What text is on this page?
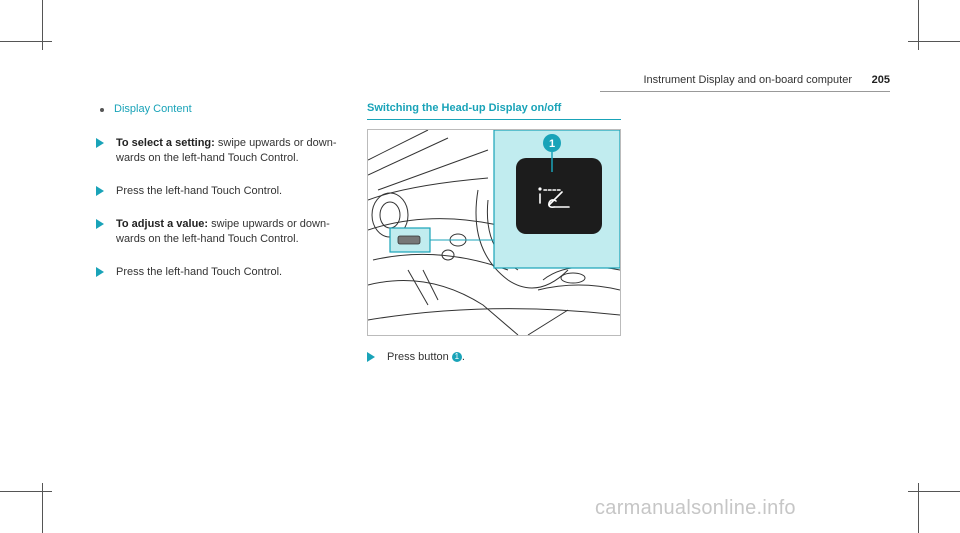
Instrument Display and on-board computer 205
Display Content
To select a setting: swipe upwards or down-wards on the left-hand Touch Control.
Press the left-hand Touch Control.
To adjust a value: swipe upwards or down-wards on the left-hand Touch Control.
Press the left-hand Touch Control.
Switching the Head-up Display on/off
1
Press button 1 .
carmanualsonline.info
